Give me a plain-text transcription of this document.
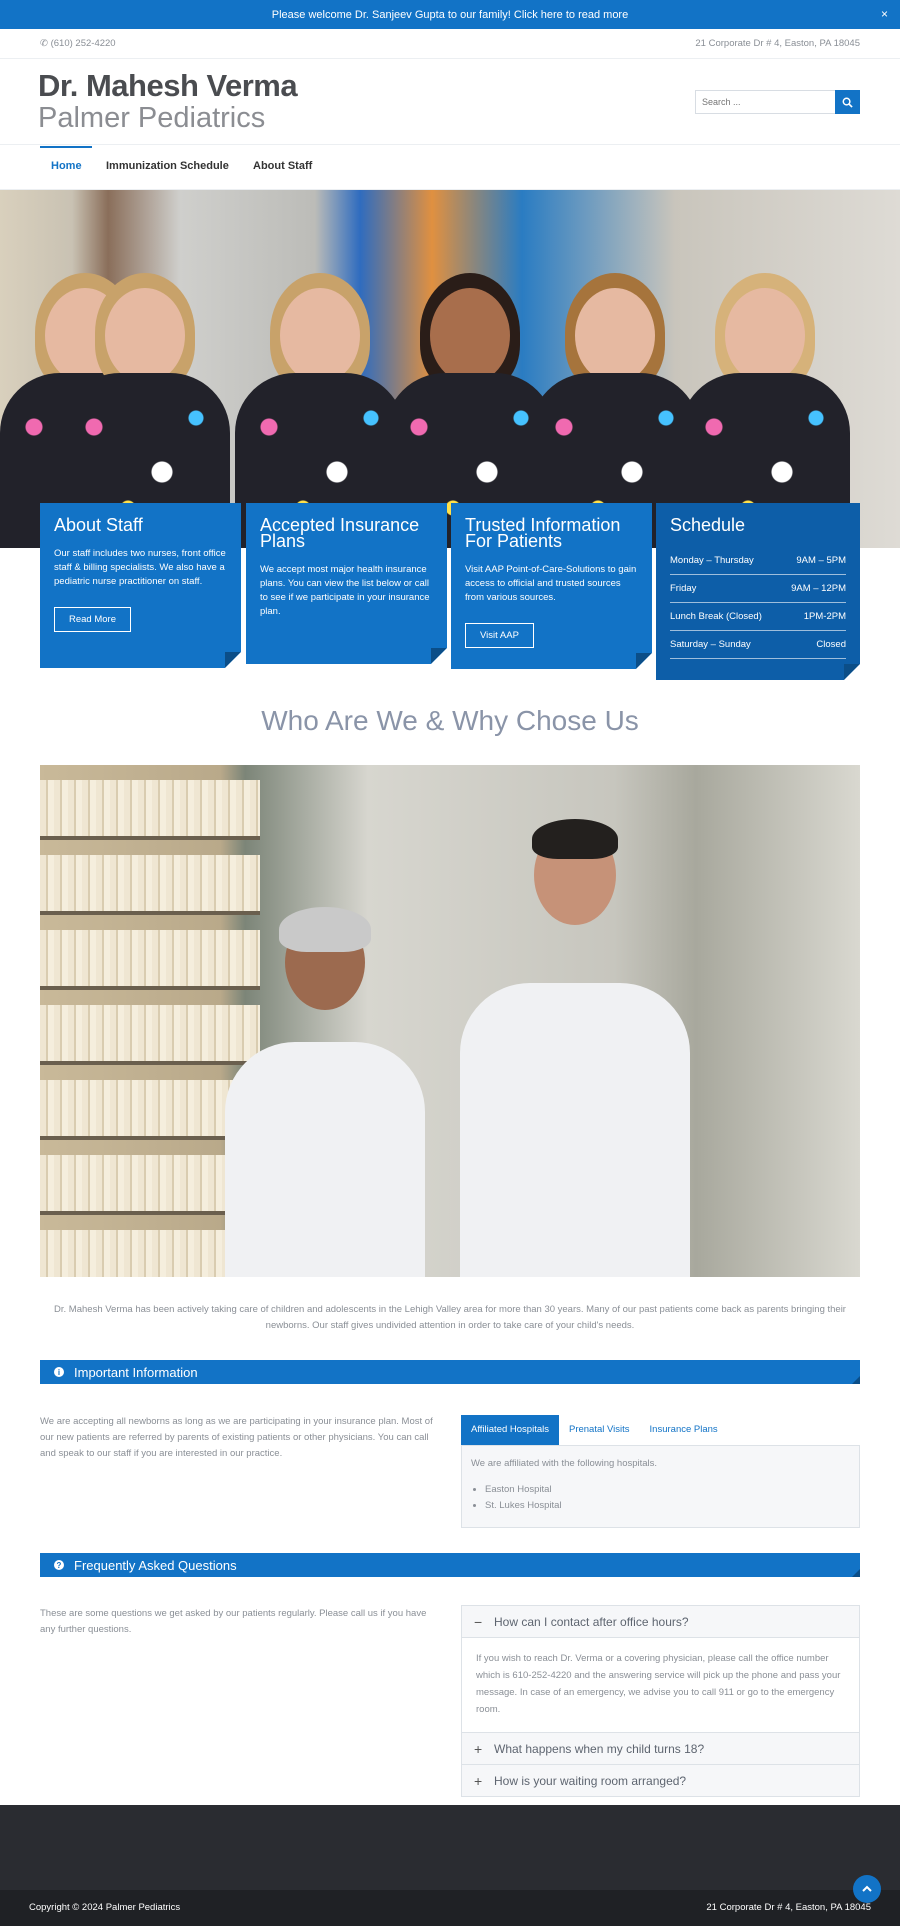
Please welcome Dr. Sanjeev Gupta to our family! Click here to read more	×
✆ (610) 252-4220	21 Corporate Dr # 4, Easton, PA 18045
Dr. Mahesh Verma
Palmer Pediatrics
Search ...
Home Immunization Schedule About Staff
About Staff

Our staff includes two nurses, front office staff & billing specialists. We also have a pediatric nurse practitioner on staff.

Read More
Accepted Insurance Plans

We accept most major health insurance plans. You can view the list below or call to see if we participate in your insurance plan.

Trusted Information For Patients

Visit AAP Point-of-Care-Solutions to gain access to official and trusted sources from various sources.

Visit AAP
Schedule
Monday – Thursday	9AM – 5PM
Friday	9AM – 12PM
Lunch Break (Closed)	1PM-2PM
Saturday – Sunday	Closed
Who Are We & Why Chose Us
Dr. Mahesh Verma has been actively taking care of children and adolescents in the Lehigh Valley area for more than 30 years. Many of our past patients come back as parents bringing their newborns. Our staff gives undivided attention in order to take care of your child's needs.
i Important Information
We are accepting all newborns as long as we are participating in your insurance plan. Most of our new patients are referred by parents of existing patients or other physicians. You can call and speak to our staff if you are interested in our practice.
Affiliated Hospitals	Prenatal Visits	Insurance Plans
We are affiliated with the following hospitals.
• Easton Hospital
• St. Lukes Hospital
? Frequently Asked Questions
These are some questions we get asked by our patients regularly. Please call us if you have any further questions.	− How can I contact after office hours?
If you wish to reach Dr. Verma or a covering physician, please call the office number which is 610-252-4220 and the answering service will pick up the phone and pass your message. In case of an emergency, we advise you to call 911 or go to the emergency room.
+ What happens when my child turns 18?
+ How is your waiting room arranged?
Copyright © 2024 Palmer Pediatrics	21 Corporate Dr # 4, Easton, PA 18045
